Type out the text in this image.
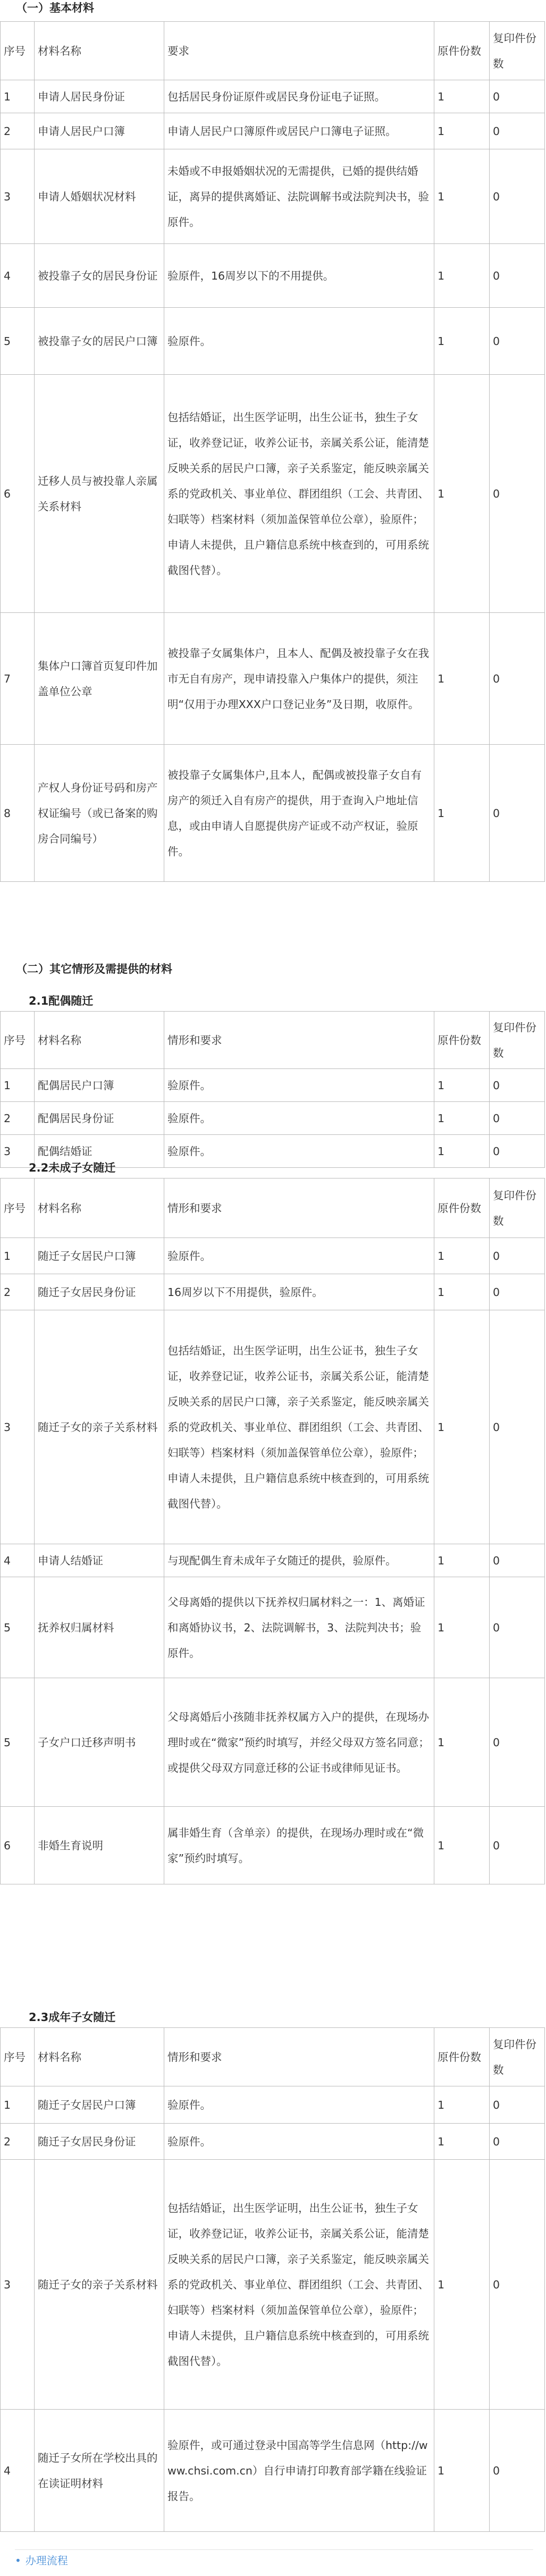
（一）基本材料
序号	材料名称	要求	原件份数	复印件份数
1	申请人居民身份证	包括居民身份证原件或居民身份证电子证照。	1	0
2	申请人居民户口簿	申请人居民户口簿原件或居民户口簿电子证照。	1	0
3	申请人婚姻状况材料	未婚或不申报婚姻状况的无需提供，已婚的提供结婚证，离异的提供离婚证、法院调解书或法院判决书，验原件。	1	0
4	被投靠子女的居民身份证	验原件，16周岁以下的不用提供。	1	0
5	被投靠子女的居民户口簿	验原件。	1	0
6	迁移人员与被投靠人亲属关系材料	包括结婚证，出生医学证明，出生公证书，独生子女证，收养登记证，收养公证书，亲属关系公证，能清楚反映关系的居民户口簿，亲子关系鉴定，能反映亲属关系的党政机关、事业单位、群团组织（工会、共青团、妇联等）档案材料（须加盖保管单位公章），验原件；申请人未提供，且户籍信息系统中核查到的，可用系统截图代替）。	1	0
7	集体户口簿首页复印件加盖单位公章	被投靠子女属集体户，且本人、配偶及被投靠子女在我市无自有房产，现申请投靠入户集体户的提供，须注明“仅用于办理XXX户口登记业务”及日期，收原件。	1	0
8	产权人身份证号码和房产权证编号（或已备案的购房合同编号）	被投靠子女属集体户,且本人，配偶或被投靠子女自有房产的须迁入自有房产的提供，用于查询入户地址信息，或由申请人自愿提供房产证或不动产权证，验原件。	1	0
（二）其它情形及需提供的材料
2.1配偶随迁
序号	材料名称	情形和要求	原件份数	复印件份数
1	配偶居民户口簿	验原件。	1	0
2	配偶居民身份证	验原件。	1	0
3	配偶结婚证	验原件。	1	0
2.2未成子女随迁
序号	材料名称	情形和要求	原件份数	复印件份数
1	随迁子女居民户口簿	验原件。	1	0
2	随迁子女居民身份证	16周岁以下不用提供，验原件。	1	0
3	随迁子女的亲子关系材料	包括结婚证，出生医学证明，出生公证书，独生子女证，收养登记证，收养公证书，亲属关系公证，能清楚反映关系的居民户口簿，亲子关系鉴定，能反映亲属关系的党政机关、事业单位、群团组织（工会、共青团、妇联等）档案材料（须加盖保管单位公章），验原件；申请人未提供，且户籍信息系统中核查到的，可用系统截图代替）。	1	0
4	申请人结婚证	与现配偶生育未成年子女随迁的提供，验原件。	1	0
5	抚养权归属材料	父母离婚的提供以下抚养权归属材料之一：1、离婚证和离婚协议书，2、法院调解书，3、法院判决书；验原件。	1	0
5	子女户口迁移声明书	父母离婚后小孩随非抚养权属方入户的提供，在现场办理时或在“微家”预约时填写，并经父母双方签名同意；或提供父母双方同意迁移的公证书或律师见证书。	1	0
6	非婚生育说明	属非婚生育（含单亲）的提供，在现场办理时或在“微家”预约时填写。	1	0
2.3成年子女随迁
序号	材料名称	情形和要求	原件份数	复印件份数
1	随迁子女居民户口簿	验原件。	1	0
2	随迁子女居民身份证	验原件。	1	0
3	随迁子女的亲子关系材料	包括结婚证，出生医学证明，出生公证书，独生子女证，收养登记证，收养公证书，亲属关系公证，能清楚反映关系的居民户口簿，亲子关系鉴定，能反映亲属关系的党政机关、事业单位、群团组织（工会、共青团、妇联等）档案材料（须加盖保管单位公章），验原件；申请人未提供，且户籍信息系统中核查到的，可用系统截图代替）。	1	0
4	随迁子女所在学校出具的在读证明材料	验原件，或可通过登录中国高等学生信息网（http://www.chsi.com.cn）自行申请打印教育部学籍在线验证报告。	1	0
• 办理流程
